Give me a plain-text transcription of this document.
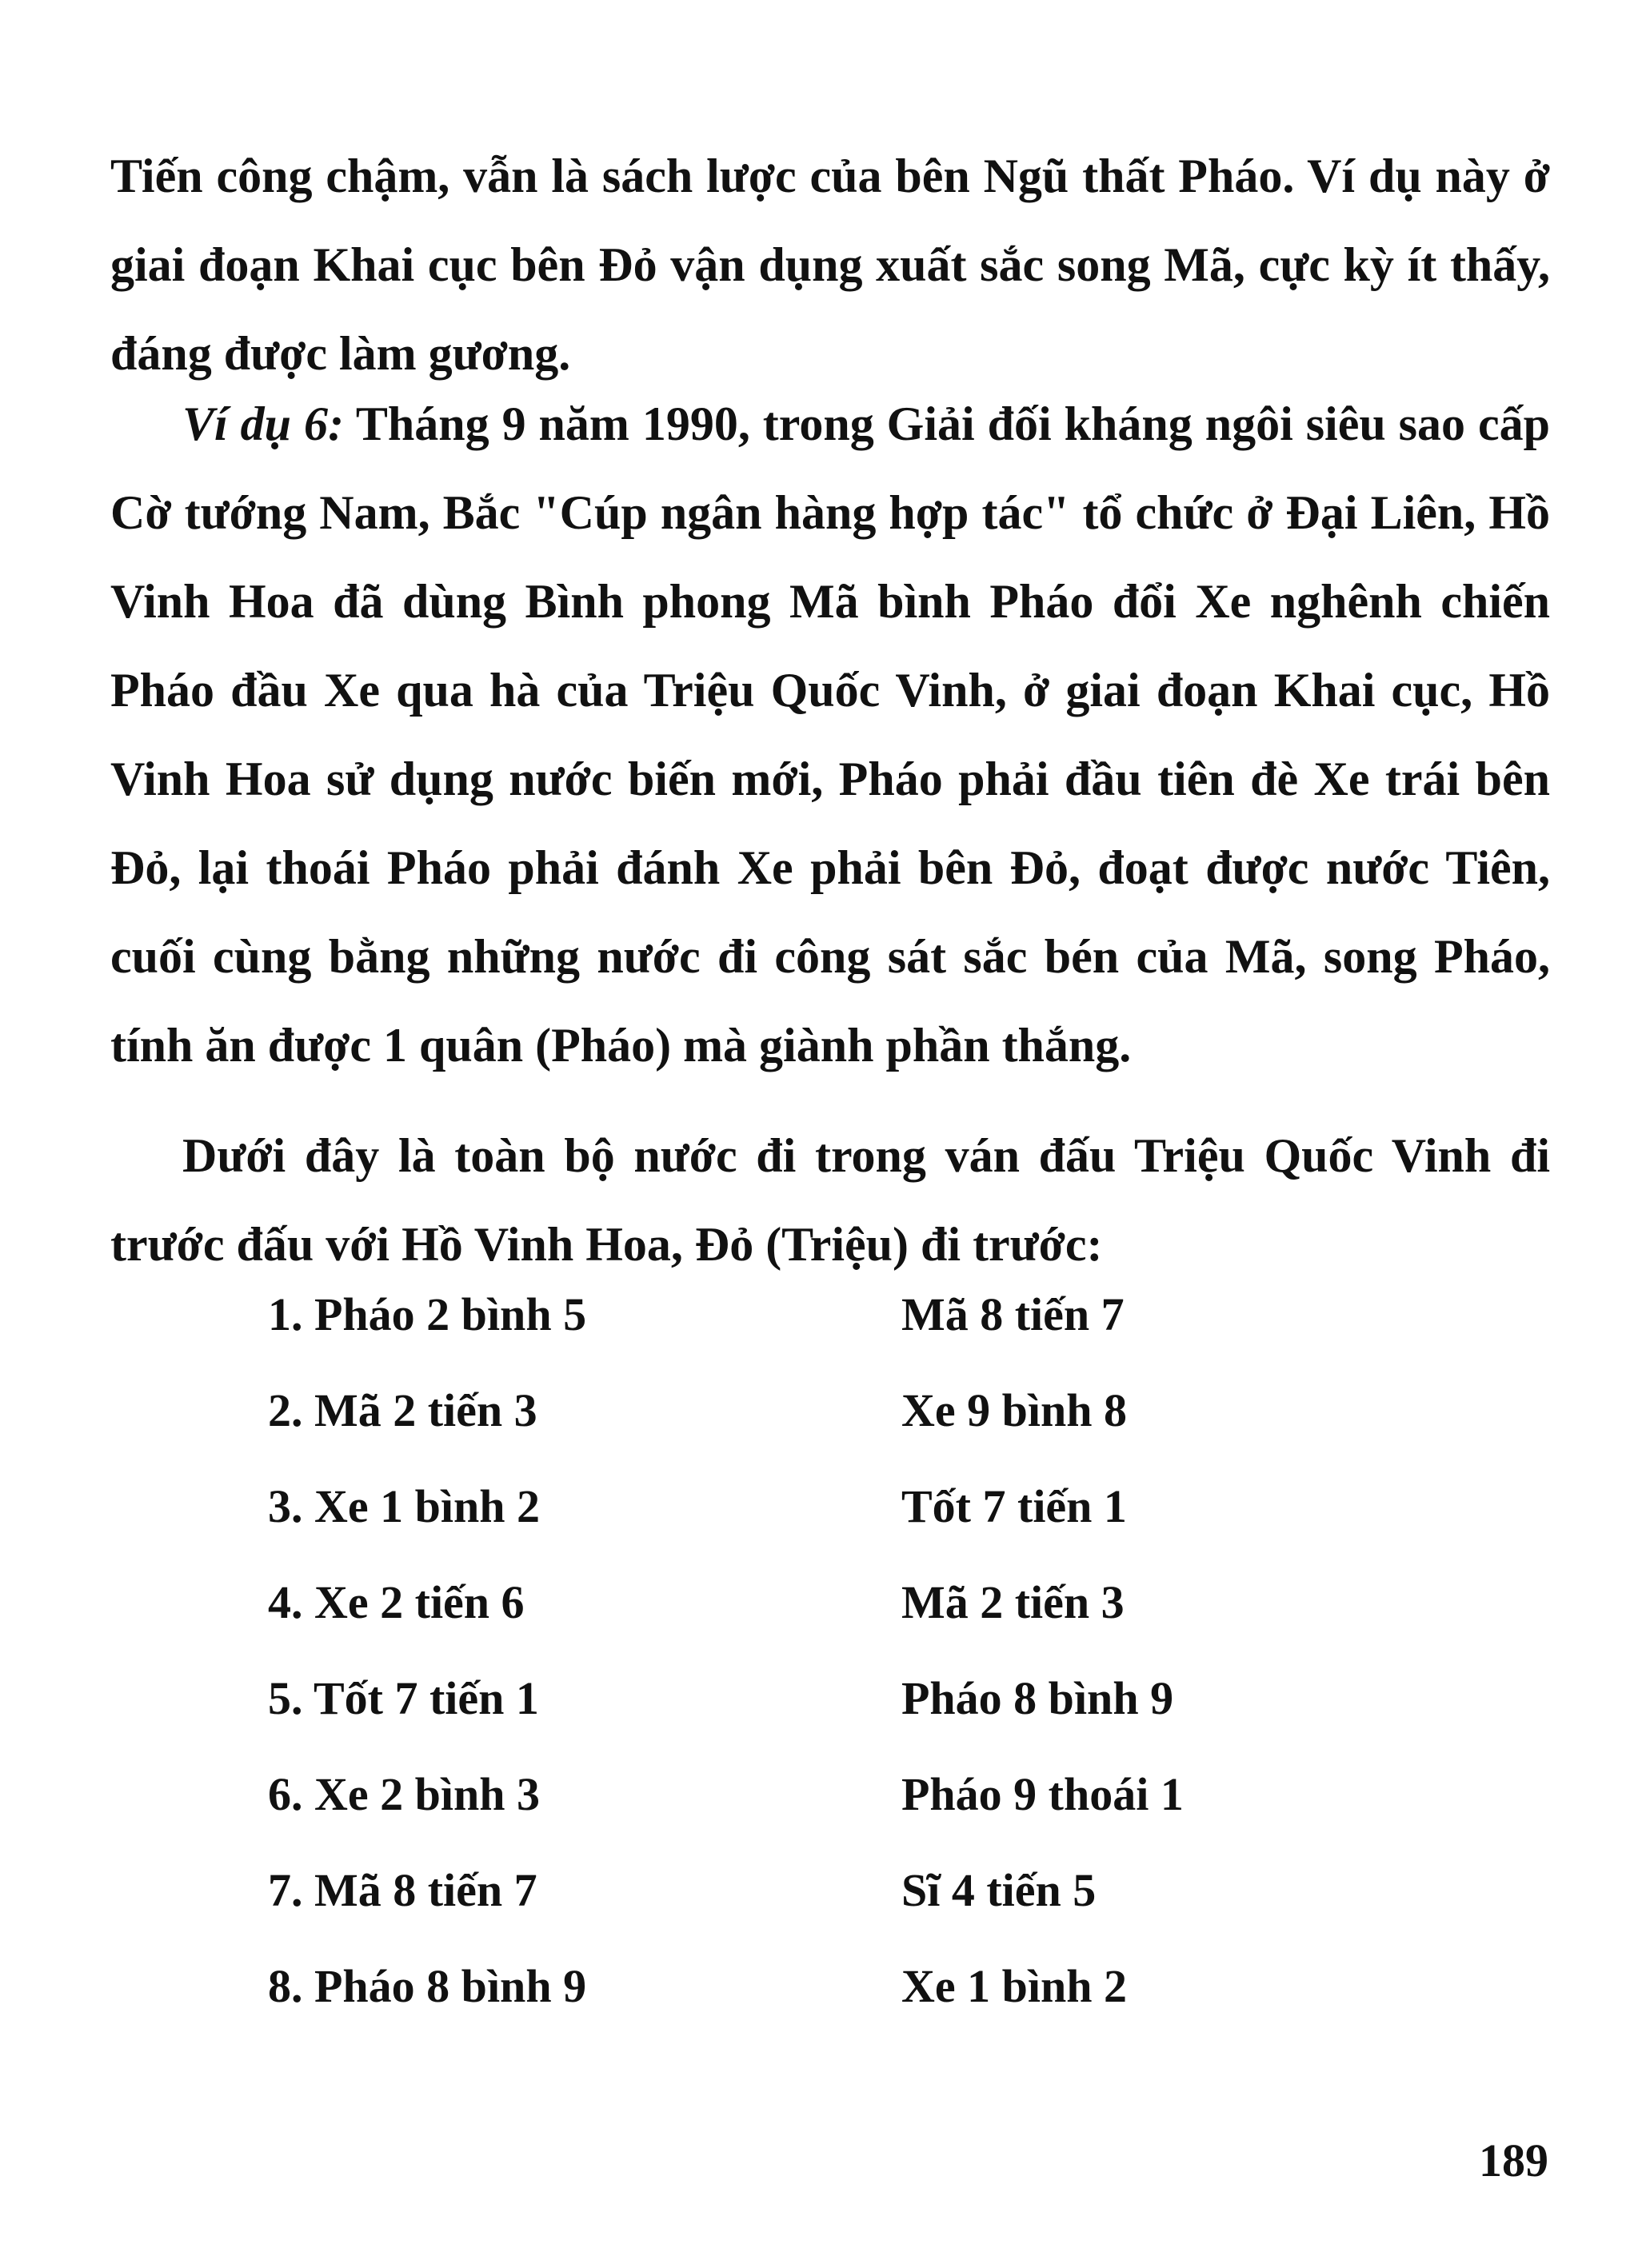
Tiến công chậm, vẫn là sách lược của bên Ngũ thất Pháo. Ví dụ này ở giai đoạn Khai cục bên Đỏ vận dụng xuất sắc song Mã, cực kỳ ít thấy, đáng được làm gương.

Ví dụ 6: Tháng 9 năm 1990, trong Giải đối kháng ngôi siêu sao cấp Cờ tướng Nam, Bắc "Cúp ngân hàng hợp tác" tổ chức ở Đại Liên, Hồ Vinh Hoa đã dùng Bình phong Mã bình Pháo đổi Xe nghênh chiến Pháo đầu Xe qua hà của Triệu Quốc Vinh, ở giai đoạn Khai cục, Hồ Vinh Hoa sử dụng nước biến mới, Pháo phải đầu tiên đè Xe trái bên Đỏ, lại thoái Pháo phải đánh Xe phải bên Đỏ, đoạt được nước Tiên, cuối cùng bằng những nước đi công sát sắc bén của Mã, song Pháo, tính ăn được 1 quân (Pháo) mà giành phần thắng.

Dưới đây là toàn bộ nước đi trong ván đấu Triệu Quốc Vinh đi trước đấu với Hồ Vinh Hoa, Đỏ (Triệu) đi trước:

1. Pháo 2 bình 5	Mã 8 tiến 7
2. Mã 2 tiến 3	Xe 9 bình 8
3. Xe 1 bình 2	Tốt 7 tiến 1
4. Xe 2 tiến 6	Mã 2 tiến 3
5. Tốt 7 tiến 1	Pháo 8 bình 9
6. Xe 2 bình 3	Pháo 9 thoái 1
7. Mã 8 tiến 7	Sĩ 4 tiến 5
8. Pháo 8 bình 9	Xe 1 bình 2
189
